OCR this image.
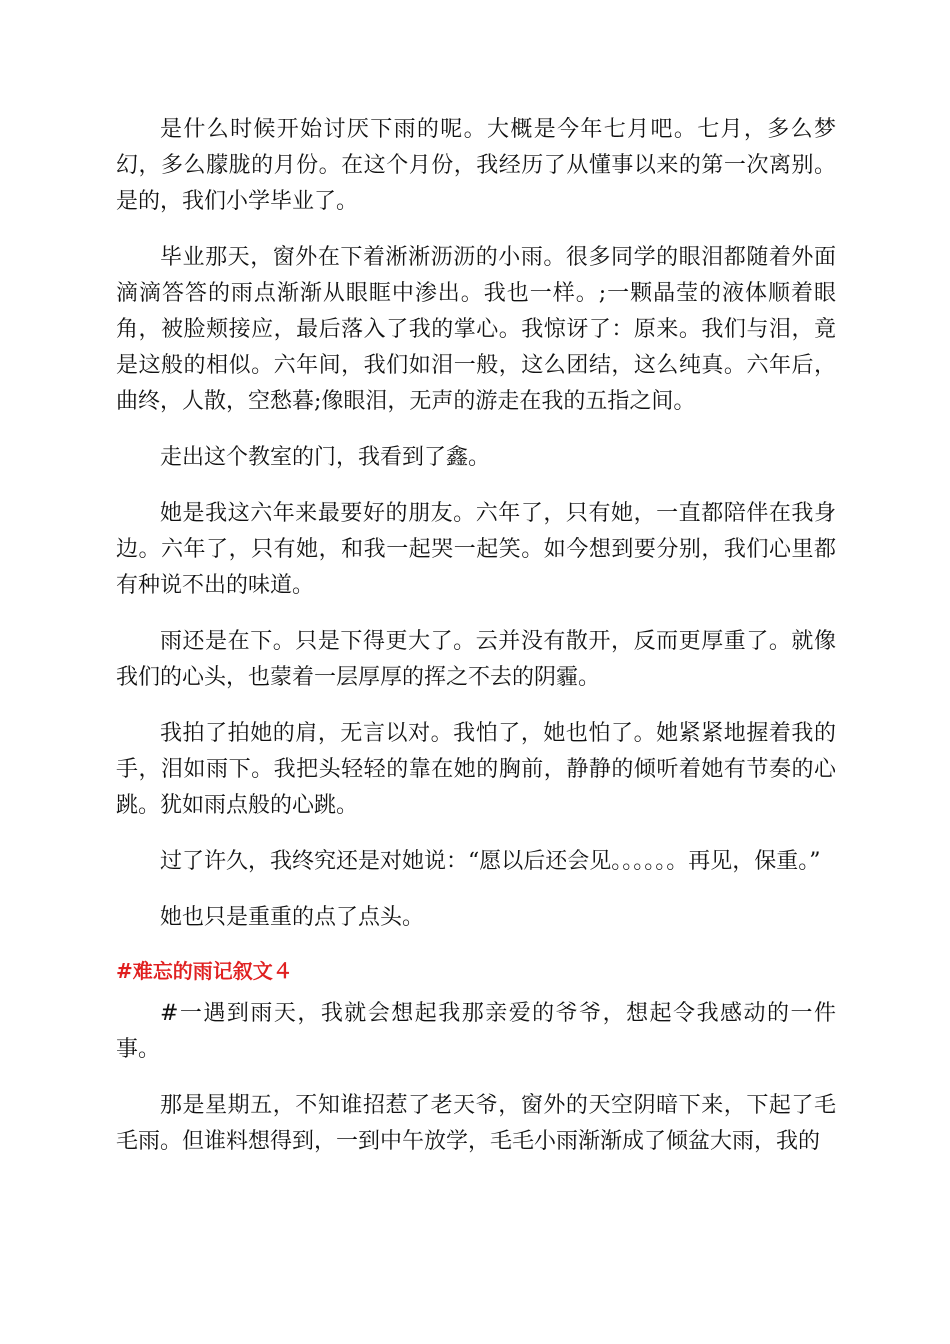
是什么时候开始讨厌下雨的呢。大概是今年七月吧。七月，多么梦幻，多么朦胧的月份。在这个月份，我经历了从懂事以来的第一次离别。是的，我们小学毕业了。

毕业那天，窗外在下着淅淅沥沥的小雨。很多同学的眼泪都随着外面滴滴答答的雨点渐渐从眼眶中渗出。我也一样。;一颗晶莹的液体顺着眼角，被脸颊接应，最后落入了我的掌心。我惊讶了：原来。我们与泪，竟是这般的相似。六年间，我们如泪一般，这么团结，这么纯真。六年后，曲终，人散，空愁暮;像眼泪，无声的游走在我的五指之间。

走出这个教室的门，我看到了鑫。

她是我这六年来最要好的朋友。六年了，只有她，一直都陪伴在我身边。六年了，只有她，和我一起哭一起笑。如今想到要分别，我们心里都有种说不出的味道。

雨还是在下。只是下得更大了。云并没有散开，反而更厚重了。就像我们的心头，也蒙着一层厚厚的挥之不去的阴霾。

我拍了拍她的肩，无言以对。我怕了，她也怕了。她紧紧地握着我的手，泪如雨下。我把头轻轻的靠在她的胸前，静静的倾听着她有节奏的心跳。犹如雨点般的心跳。

过了许久，我终究还是对她说：“愿以后还会见。。。。。。再见，保重。”

她也只是重重的点了点头。

#难忘的雨记叙文４

#一遇到雨天，我就会想起我那亲爱的爷爷，想起令我感动的一件事。

那是星期五，不知谁招惹了老天爷，窗外的天空阴暗下来，下起了毛毛雨。但谁料想得到，一到中午放学，毛毛小雨渐渐成了倾盆大雨，我的
